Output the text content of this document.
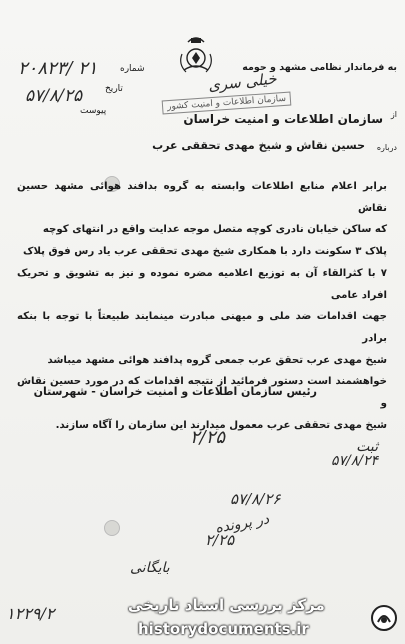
۲۰۸۲۳/ ۲۱
تاریخ
۵۷/۸/۲۵
پیوست
شماره	به فرماندار نظامی مشهد و حومه
خیلی سری
سازمان اطلاعات و امنیت کشور
از
سازمان اطلاعات و امنیت خراسان
درباره
حسین نقاش و شیخ مهدی تحققی عرب

برابر اعلام منابع اطلاعات وابسته به گروه بدافند هوائی مشهد حسین نقاش

که ساکن خیابان نادری کوچه متصل موجه عدایت واقع در انتهای کوچه

پلاک ۳ سکونت دارد با همکاری شیخ مهدی تحققی عرب یاد رس فوق پلاک

۷ با کثرالقاء آن به توزیع اعلامیه مضره نموده و نیز به تشویق و تحریک افراد عامی

جهت اقدامات ضد ملی و میهنی مبادرت مینمایند طبیعتاً با توجه با بنکه برادر

شیخ مهدی عرب تحقق عرب جمعی گروه پدافند هوائی مشهد میباشد

خواهشمند است دستور فرمائید از نتیجه اقدامات که در مورد حسین نقاش و

شیخ مهدی تحققی عرب معمول میدارند این سازمان را آگاه سازند.

رئیس سازمان اطلاعات و امنیت خراسان - شهرستان
۲/۲۵	ثبت ۵۷/۸/۲۴
۵۷/۸/۲۶
در پرونده
۲/۲۵
بایگانی
۱۲۲۹/۲	مرکز بررسی اسناد تاریخی
historydocuments.ir
